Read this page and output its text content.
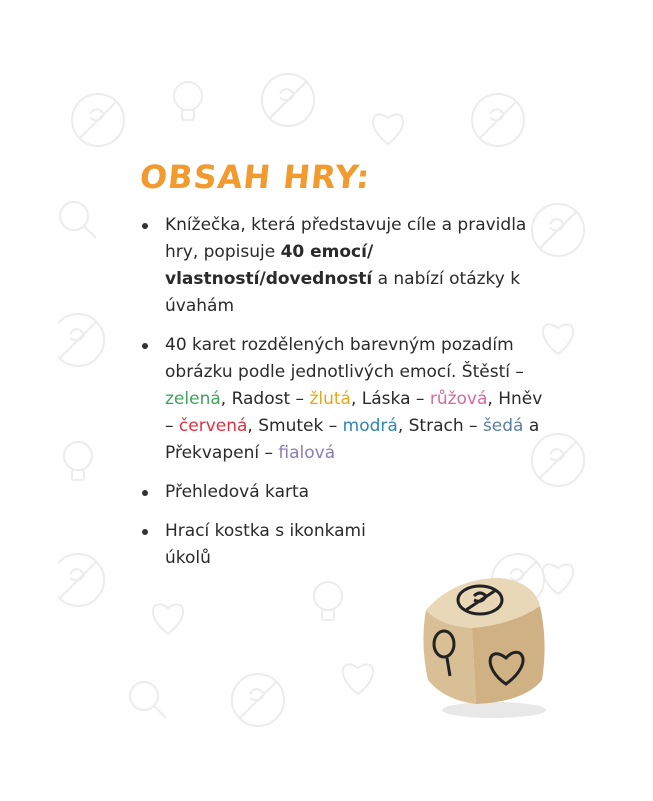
OBSAH HRY:
Knížečka, která představuje cíle a pravidla hry, popisuje 40 emocí/ vlastností/dovedností a nabízí otázky k úvahám
40 karet rozdělených barevným pozadím obrázku podle jednotlivých emocí. Štěstí – zelená, Radost – žlutá, Láska – růžová, Hněv – červená, Smutek – modrá, Strach – šedá a Překvapení – fialová
Přehledová karta
Hrací kostka s ikonkami úkolů
